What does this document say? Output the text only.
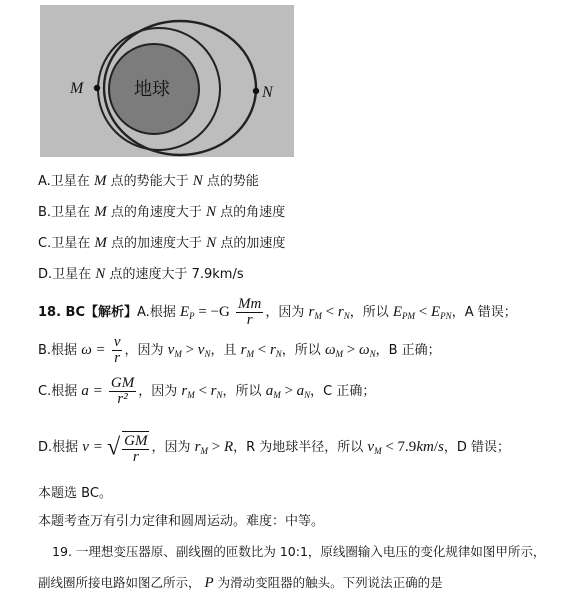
地球
M	N
A.卫星在 M 点的势能大于 N 点的势能
B.卫星在 M 点的角速度大于 N 点的角速度
C.卫星在 M 点的加速度大于 N 点的加速度
D.卫星在 N 点的速度大于 7.9km/s
18. BC【解析】A.根据 $E_P = -G \frac{Mm}{r}$ ，因为 $r_M < r_N$，所以 $E_{PM} < E_{PN}$，A 错误；
B.根据 $\omega = \frac{v}{r}$ ，因为 $v_M > v_N$，且 $r_M < r_N$，所以 $\omega_M > \omega_N$，B 正确；
C.根据 $a = \frac{GM}{\text{r²}}$ ，因为 $r_M < r_N$，所以 $a_M > a_N$，C 正确；
D.根据 v = √ $\frac{GM}{r}$ ，因为 $r_M > R$，R 为地球半径，所以 $v_M < 7.9km/s$，D 错误；
本题选 BC。
本题考查万有引力定律和圆周运动。难度：中等。
19. 一理想变压器原、副线圈的匝数比为 10:1，原线圈输入电压的变化规律如图甲所示，
副线圈所接电路如图乙所示， P 为滑动变阻器的触头。下列说法正确的是
